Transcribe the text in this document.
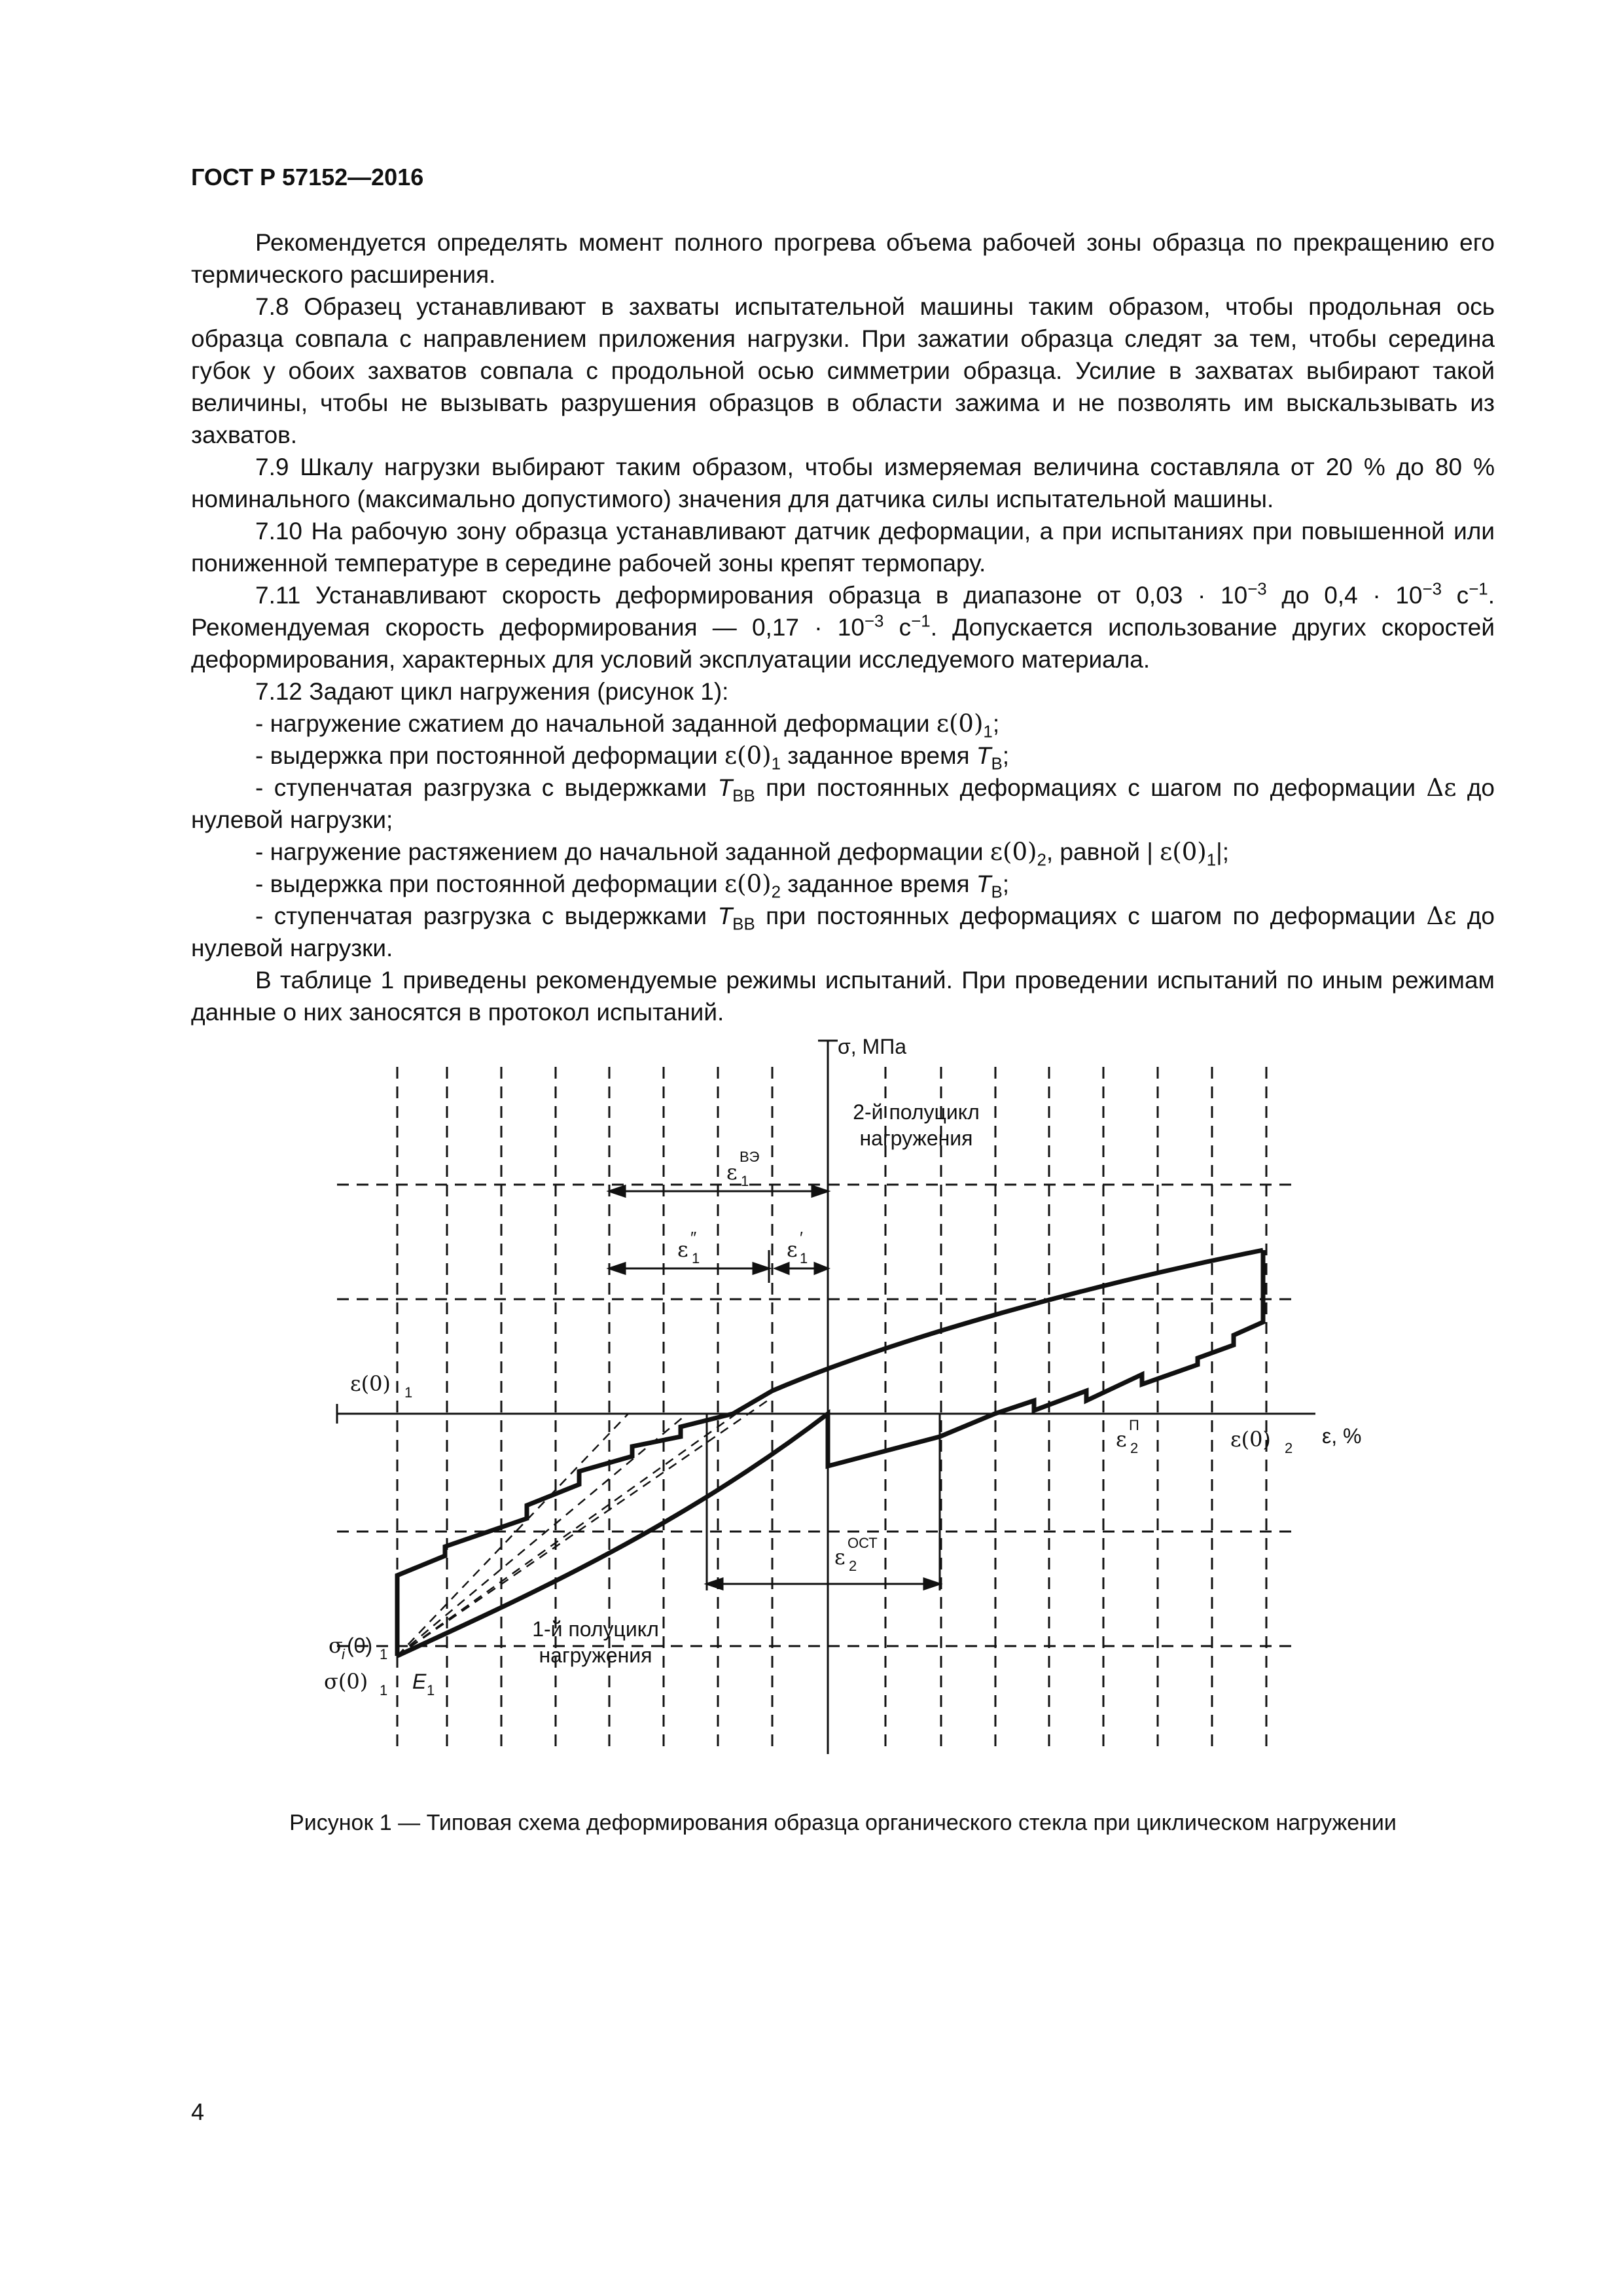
ГОСТ Р 57152—2016

Рекомендуется определять момент полного прогрева объема рабочей зоны образца по прекращению его термического расширения.

7.8 Образец устанавливают в захваты испытательной машины таким образом, чтобы продольная ось образца совпала с направлением приложения нагрузки. При зажатии образца следят за тем, чтобы середина губок у обоих захватов совпала с продольной осью симметрии образца. Усилие в захватах выбирают такой величины, чтобы не вызывать разрушения образцов в области зажима и не позволять им выскальзывать из захватов.

7.9 Шкалу нагрузки выбирают таким образом, чтобы измеряемая величина составляла от 20 % до 80 % номинального (максимально допустимого) значения для датчика силы испытательной машины.

7.10 На рабочую зону образца устанавливают датчик деформации, а при испытаниях при повышенной или пониженной температуре в середине рабочей зоны крепят термопару.

7.11 Устанавливают скорость деформирования образца в диапазоне от $0,03 \cdot 10^{-3}$ до $0,4 \cdot 10^{-3}$ $с^{-1}$. Рекомендуемая скорость деформирования — $0,17 \cdot 10^{-3}$ $с^{-1}$. Допускается использование других скоростей деформирования, характерных для условий эксплуатации исследуемого материала.

7.12 Задают цикл нагружения (рисунок 1):

- нагружение сжатием до начальной заданной деформации $\varepsilon(0)_1$;

- выдержка при постоянной деформации $\varepsilon(0)_1$ заданное время $T_В$;

- ступенчатая разгрузка с выдержками $T_{ВВ}$ при постоянных деформациях с шагом по деформации Δε до нулевой нагрузки;

- нагружение растяжением до начальной заданной деформации $\varepsilon(0)_2$, равной | $\varepsilon(0)_1|$;

- выдержка при постоянной деформации $\varepsilon(0)_2$ заданное время $T_В$;

- ступенчатая разгрузка с выдержками $T_{ВВ}$ при постоянных деформациях с шагом по деформации Δε до нулевой нагрузки.

В таблице 1 приведены рекомендуемые режимы испытаний. При проведении испытаний по иным режимам данные о них заносятся в протокол испытаний.

σ, МПа
ε, %
2-й полуцикл
нагружения
1-й полуцикл
нагружения
ε
ВЭ
1
ε ″
1	ε ′
1
ε(0) 1
ε
П
2	ε(0) 2
ε
ОСТ
2
σ
i (0) 1
σ(0) 1 E 1
Рисунок 1 — Типовая схема деформирования образца органического стекла при циклическом нагружении
4
